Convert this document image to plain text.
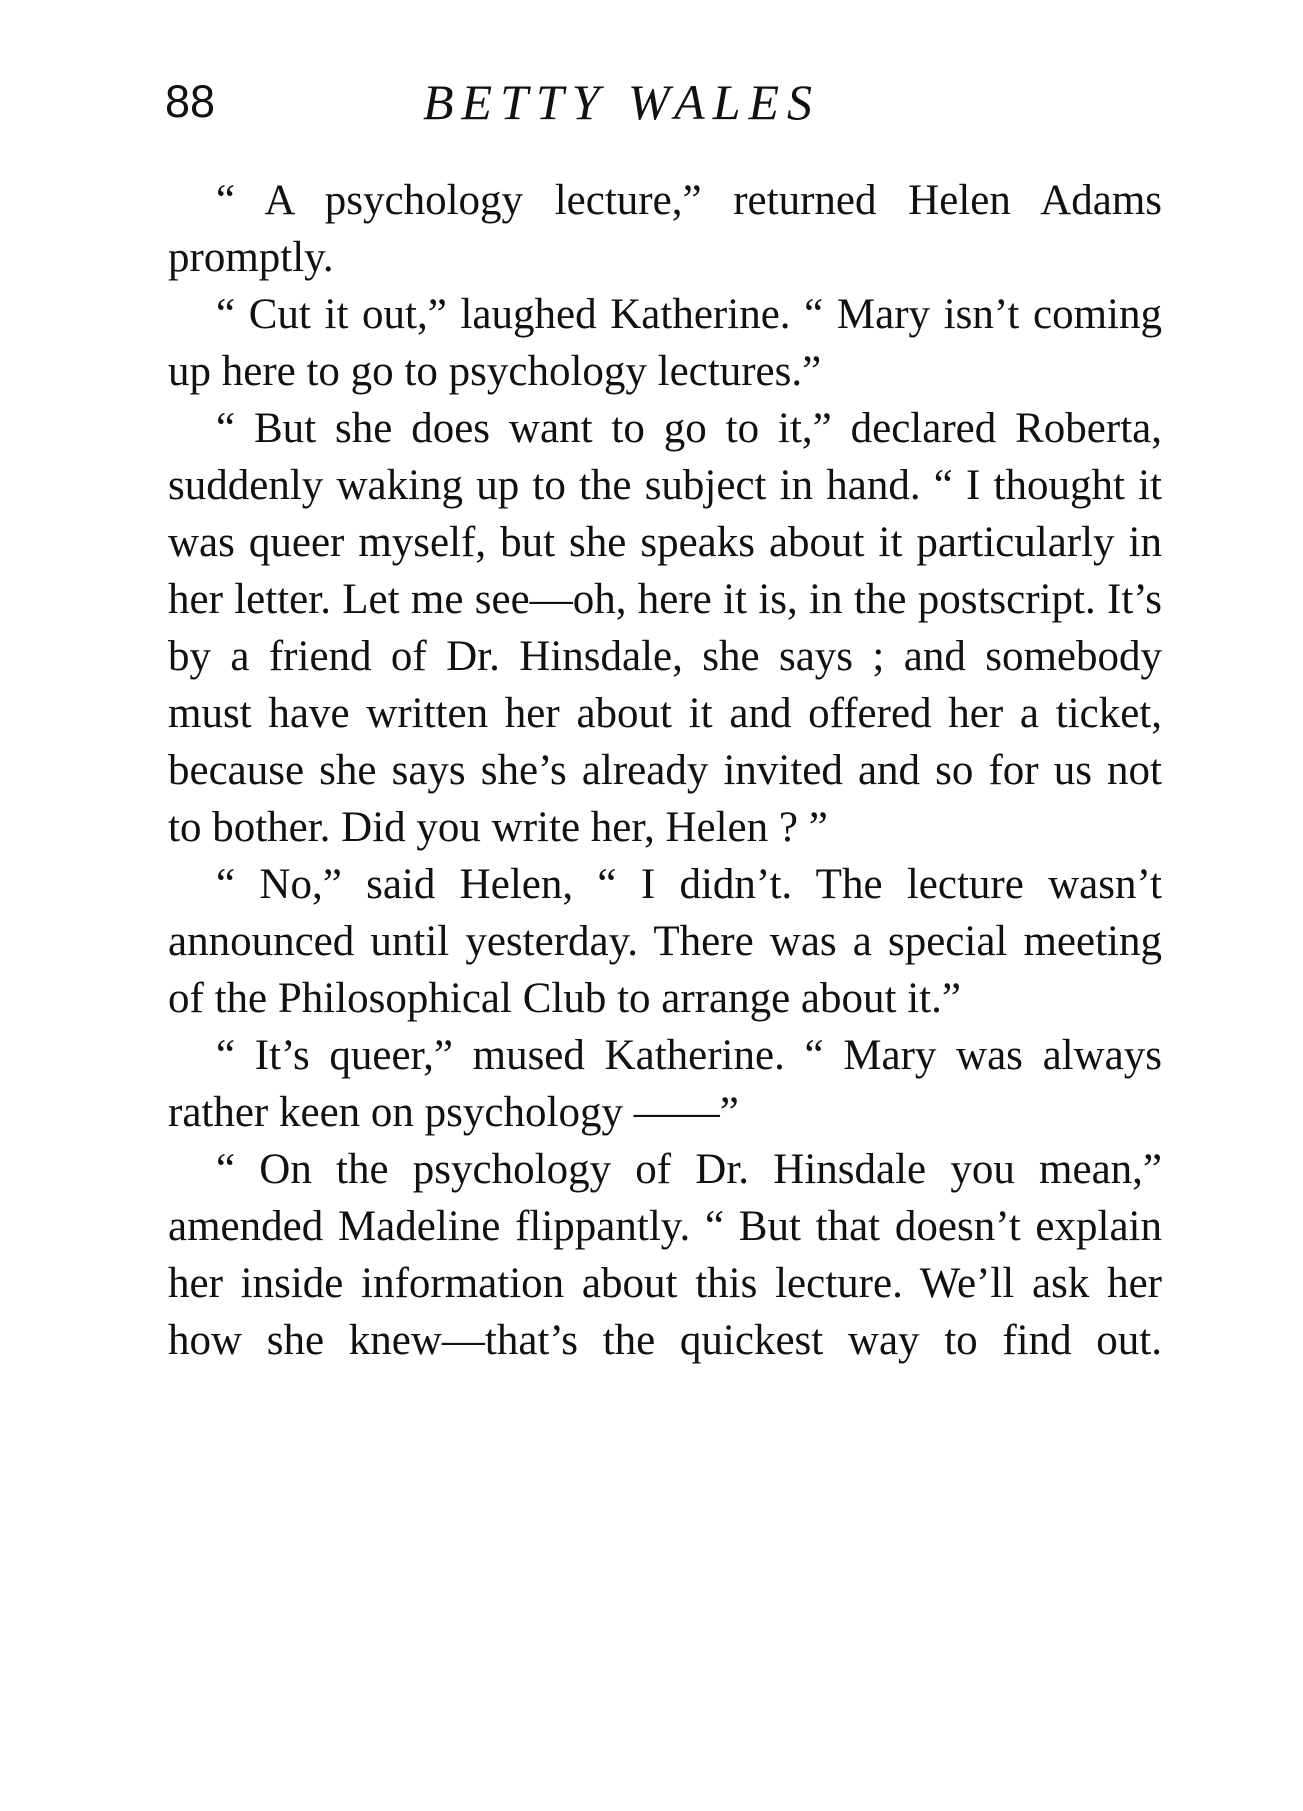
88	BETTY WALES

“ A psychology lecture,” returned Helen Adams promptly.

“ Cut it out,” laughed Katherine. “ Mary isn’t coming up here to go to psychology lectures.”

“ But she does want to go to it,” declared Roberta, suddenly waking up to the subject in hand. “ I thought it was queer myself, but she speaks about it particularly in her letter. Let me see—oh, here it is, in the postscript. It’s by a friend of Dr. Hinsdale, she says ; and somebody must have written her about it and offered her a ticket, because she says she’s already invited and so for us not to bother. Did you write her, Helen ? ”

“ No,” said Helen, “ I didn’t. The lecture wasn’t announced until yesterday. There was a special meeting of the Philosophical Club to arrange about it.”

“ It’s queer,” mused Katherine. “ Mary was always rather keen on psychology ——”

“ On the psychology of Dr. Hinsdale you mean,” amended Madeline flippantly. “ But that doesn’t explain her inside information about this lecture. We’ll ask her how she knew—that’s the quickest way to find out.
